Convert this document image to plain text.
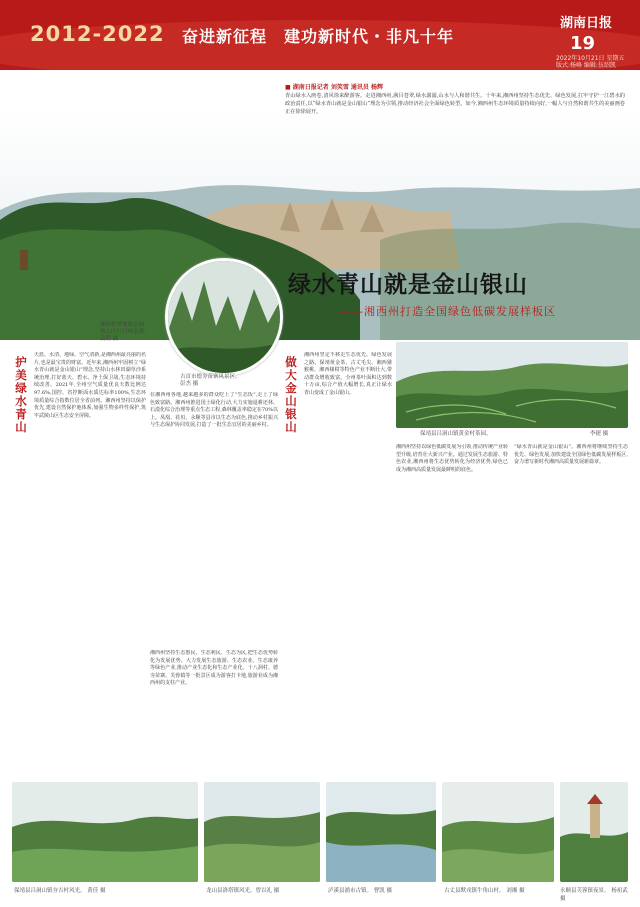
2012-2022 奋进新征程　建功新时代・非凡十年
湖南日报
19
2022年10月21日 星期五
版式:杨峰 编辑:伍绍凯
■ 湖南日报记者 刘笑雪 通讯员 杨辉
青山绿水入画卷,清风徐来醉游客。走进湘西州,满目苍翠,绿水潺潺,山水与人和谐共生。十年来,湘西州坚持生态优先、绿色发展,扛牢守护一江碧水的政治责任,以“绿水青山就是金山银山”理念为引领,推动经济社会全面绿色转型。如今,湘西州生态环境质量持续向好,一幅人与自然和谐共生的美丽画卷正在徐徐展开。
湘西世界地质公园
核心区红石林景观。
姜程 摄
吉首市德夯苗寨风景区。
彭杰 摄
绿水青山就是金山银山
——湘西州打造全国绿色低碳发展样板区
护美绿水青山
天蓝、水清、地绿、空气清新,是湘西州最亮丽的名片,也是最宝贵的财富。近年来,湘西州牢固树立“绿水青山就是金山银山”理念,坚持山水林田湖草沙系统治理,打好蓝天、碧水、净土保卫战,生态环境持续改善。2021年,全州空气质量优良天数比例达97.6%,国控、省控断面水质达标率100%,生态环境质量综合指数位居全省前列。湘西州坚持以保护优先,建设自然保护地体系,加强生物多样性保护,筑牢武陵山区生态安全屏障。
在湘西州各地,越来越多的群众吃上了“生态饭”,走上了绿色致富路。湘西州推进国土绿化行动,大力实施退耕还林、石漠化综合治理等重点生态工程,森林覆盖率稳定在70%以上。凤凰、花垣、永顺等县市以生态为底色,推动乡村振兴与生态保护协同发展,打造了一批生态宜居的美丽乡村。
湘西州坚持生态惠民、生态利民、生态为民,把生态优势转化为发展优势。大力发展生态旅游、生态农业、生态康养等绿色产业,推动产业生态化和生态产业化。十八洞村、德夯苗寨、芙蓉镇等一批景区成为游客打卡地,旅游业成为湘西州的支柱产业。
做大金山银山
湘西州坚定不移走生态优先、绿色发展之路。保靖黄金茶、古丈毛尖、湘西猕猴桃、湘西椪柑等特色产业不断壮大,带动群众增收致富。全州茶叶面积达到数十万亩,综合产值大幅增长,真正让绿水青山变成了金山银山。
保靖县吕洞山镇黄金村茶园。	李捷 摄
湘西州坚持以绿色低碳发展为引领,推动传统产业转型升级,培育壮大新兴产业。通过发展生态旅游、特色农业,湘西州将生态优势转化为经济优势,绿色已成为湘西高质量发展最鲜明的底色。
“绿水青山就是金山银山”。湘西州将继续坚持生态优先、绿色发展,加快建设全国绿色低碳发展样板区,奋力谱写新时代湘西高质量发展新篇章。
保靖县吕洞山镇夯吉村风光。 黄佳 摄	龙山县洛塔镇风光。曾以礼 摄	泸溪县浦市古镇。 曹凯 摄	古丈县默戎镇牛角山村。 刘湘 摄	永顺县芙蓉镇夜景。 杨祖武 摄
